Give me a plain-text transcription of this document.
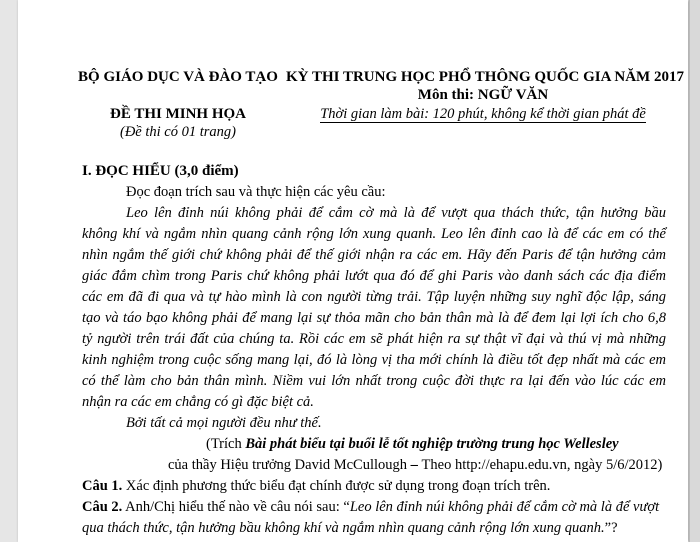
BỘ GIÁO DỤC VÀ ĐÀO TẠO KỲ THI TRUNG HỌC PHỔ THÔNG QUỐC GIA NĂM 2017
Môn thi: NGỮ VĂN
ĐỀ THI MINH HỌA
(Đề thi có 01 trang)
Thời gian làm bài: 120 phút, không kể thời gian phát đề
I. ĐỌC HIỂU (3,0 điểm)
Đọc đoạn trích sau và thực hiện các yêu cầu:
Leo lên đỉnh núi không phải để cắm cờ mà là để vượt qua thách thức, tận hưởng bầu
không khí và ngắm nhìn quang cảnh rộng lớn xung quanh. Leo lên đỉnh cao là để các em có thể
nhìn ngắm thế giới chứ không phải để thế giới nhận ra các em. Hãy đến Paris để tận hưởng cảm
giác đắm chìm trong Paris chứ không phải lướt qua đó để ghi Paris vào danh sách các địa điểm
các em đã đi qua và tự hào mình là con người từng trải. Tập luyện những suy nghĩ độc lập, sáng
tạo và táo bạo không phải để mang lại sự thỏa mãn cho bản thân mà là để đem lại lợi ích cho 6,8
tỷ người trên trái đất của chúng ta. Rồi các em sẽ phát hiện ra sự thật vĩ đại và thú vị mà những
kinh nghiệm trong cuộc sống mang lại, đó là lòng vị tha mới chính là điều tốt đẹp nhất mà các em
có thể làm cho bản thân mình. Niềm vui lớn nhất trong cuộc đời thực ra lại đến vào lúc các em
nhận ra các em chẳng có gì đặc biệt cả.
Bởi tất cả mọi người đều như thế.
(Trích Bài phát biểu tại buổi lễ tốt nghiệp trường trung học Wellesley
của thầy Hiệu trưởng David McCullough – Theo http://ehapu.edu.vn, ngày 5/6/2012)
Câu 1. Xác định phương thức biểu đạt chính được sử dụng trong đoạn trích trên.
Câu 2. Anh/Chị hiểu thế nào về câu nói sau: “Leo lên đỉnh núi không phải để cắm cờ mà là để vượt
qua thách thức, tận hưởng bầu không khí và ngắm nhìn quang cảnh rộng lớn xung quanh.”?
